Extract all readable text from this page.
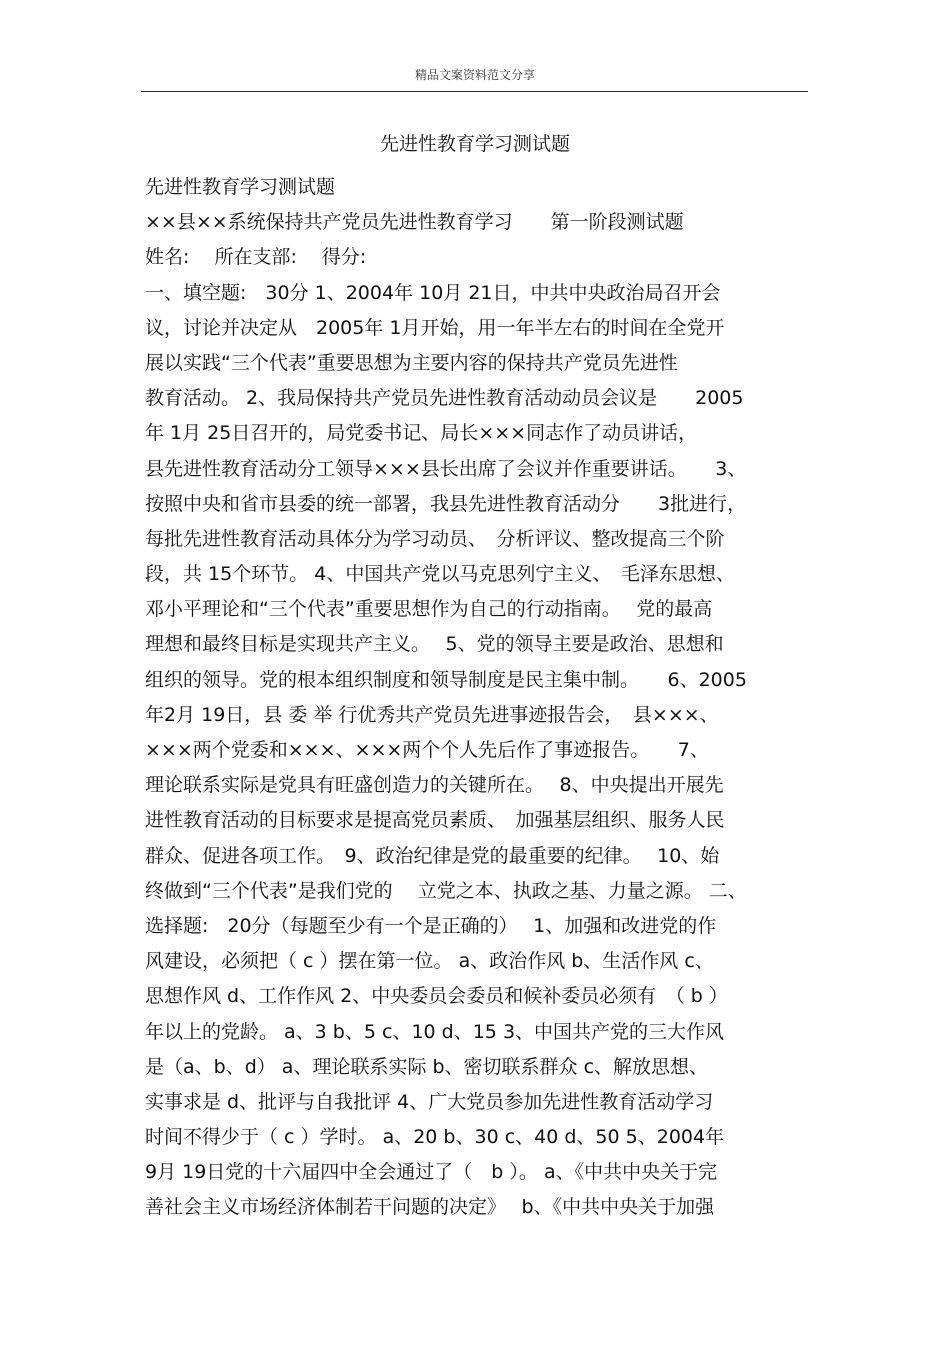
精品文案资料范文分享
先进性教育学习测试题
先进性教育学习测试题
××县××系统保持共产党员先进性教育学习　　第一阶段测试题
姓名:　 所在支部:　 得分:
一、填空题:　30分 1、2004年 10月 21日，中共中央政治局召开会
议，讨论并决定从　2005年 1月开始，用一年半左右的时间在全党开
展以实践“三个代表”重要思想为主要内容的保持共产党员先进性
教育活动。 2、我局保持共产党员先进性教育活动动员会议是　　2005
年 1月 25日召开的，局党委书记、局长×××同志作了动员讲话，
县先进性教育活动分工领导×××县长出席了会议并作重要讲话。　　3、
按照中央和省市县委的统一部署，我县先进性教育活动分　　3批进行，
每批先进性教育活动具体分为学习动员、　分析评议、整改提高三个阶
段，共 15个环节。 4、中国共产党以马克思列宁主义、　毛泽东思想、
邓小平理论和“三个代表”重要思想作为自己的行动指南。　 党的最高
理想和最终目标是实现共产主义。　 5、党的领导主要是政治、思想和
组织的领导。党的根本组织制度和领导制度是民主集中制。　　6、2005
年2月 19日，县 委 举 行优秀共产党员先进事迹报告会，　县×××、
×××两个党委和×××、×××两个个人先后作了事迹报告。　　7、
理论联系实际是党具有旺盛创造力的关键所在。　 8、中央提出开展先
进性教育活动的目标要求是提高党员素质、　加强基层组织、服务人民
群众、促进各项工作。　9、政治纪律是党的最重要的纪律。　 10、始
终做到“三个代表”是我们党的　 立党之本、执政之基、力量之源。 二、
选择题:　20分（每题至少有一个是正确的）　 1、加强和改进党的作
风建设，必须把（ c ）摆在第一位。 a、政治作风 b、生活作风 c、
思想作风 d、工作作风 2、中央委员会委员和候补委员必须有　（ b ）
年以上的党龄。 a、3 b、5 c、10 d、15 3、中国共产党的三大作风
是（a、b、d） a、理论联系实际 b、密切联系群众 c、解放思想、
实事求是 d、批评与自我批评 4、广大党员参加先进性教育活动学习
时间不得少于（ c ）学时。 a、20 b、30 c、40 d、50 5、2004年
9月 19日党的十六届四中全会通过了（　b ）。 a、《中共中央关于完
善社会主义市场经济体制若干问题的决定》　 b、《中共中央关于加强
